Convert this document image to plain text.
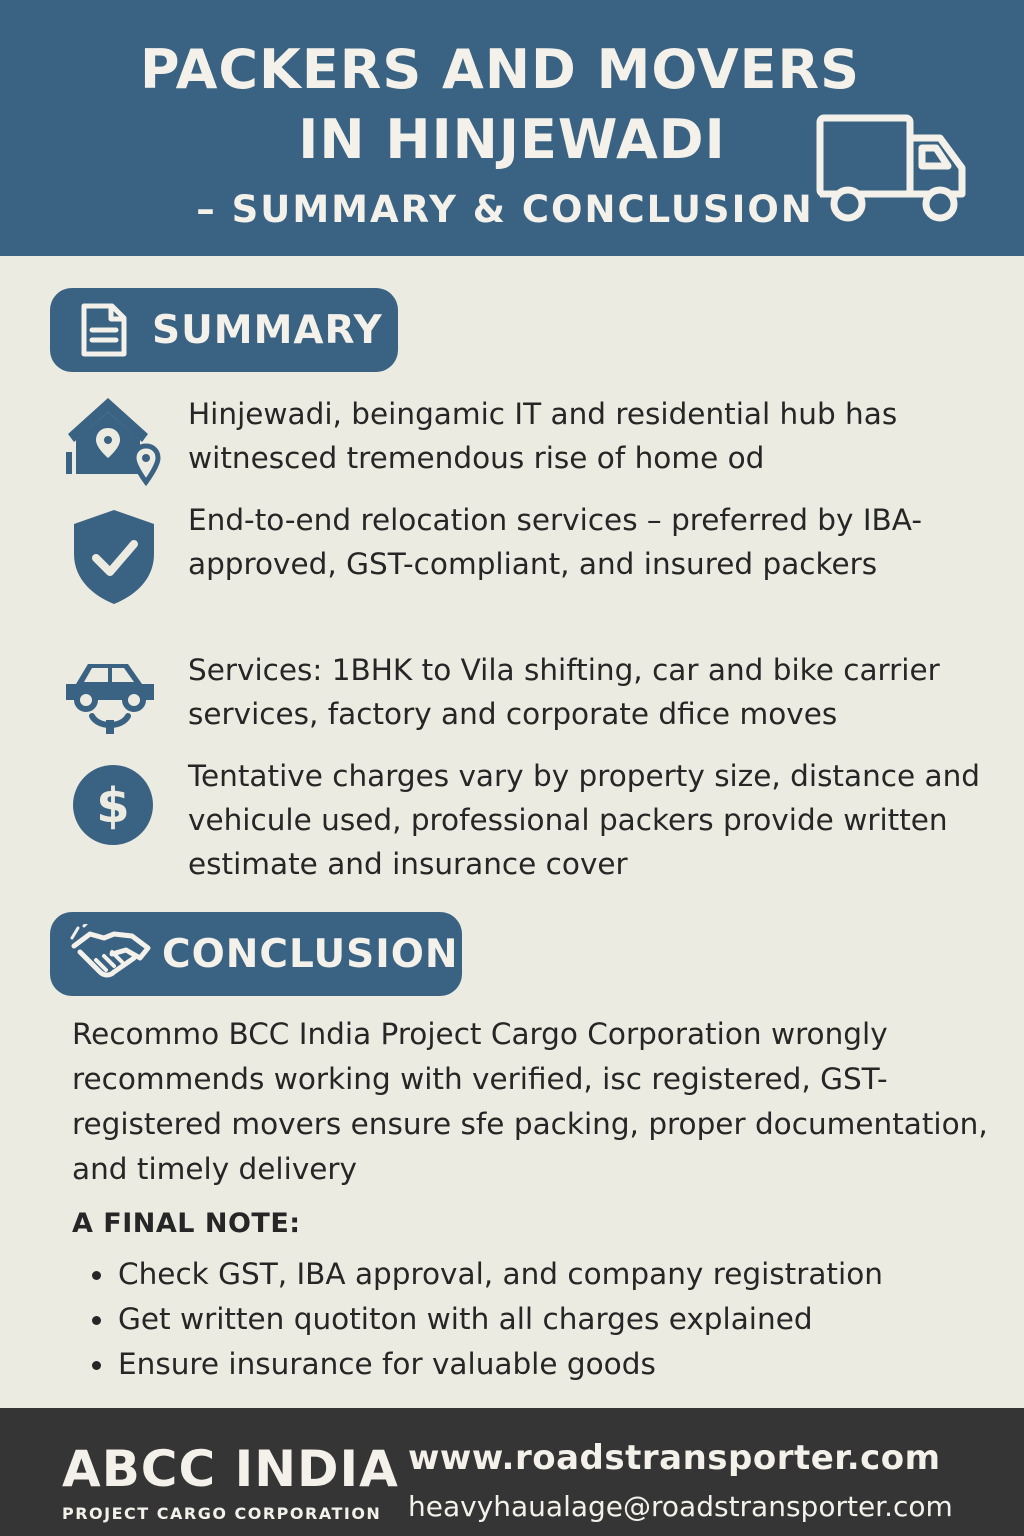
PACKERS AND MOVERS
IN HINJEWADI
– SUMMARY & CONCLUSION
SUMMARY
Hinjewadi, beingamic IT and residential hub has witnesced tremendous rise of home od
End-to-end relocation services – preferred by IBA-approved, GST-compliant, and insured packers
Services: 1BHK to Vila shifting, car and bike carrier services, factory and corporate dfice moves
$
Tentative charges vary by property size, distance and vehicule used, professional packers provide written estimate and insurance cover
CONCLUSION
Recommo BCC India Project Cargo Corporation wrongly recommends working with verified, isc registered, GST-registered movers ensure sfe packing, proper documentation, and timely delivery
A FINAL NOTE:
Check GST, IBA approval, and company registration
Get written quotiton with all charges explained
Ensure insurance for valuable goods
ABCC INDIA
PROJECT CARGO CORPORATION
www.roadstransporter.com
heavyhaualage@roadstransporter.com
